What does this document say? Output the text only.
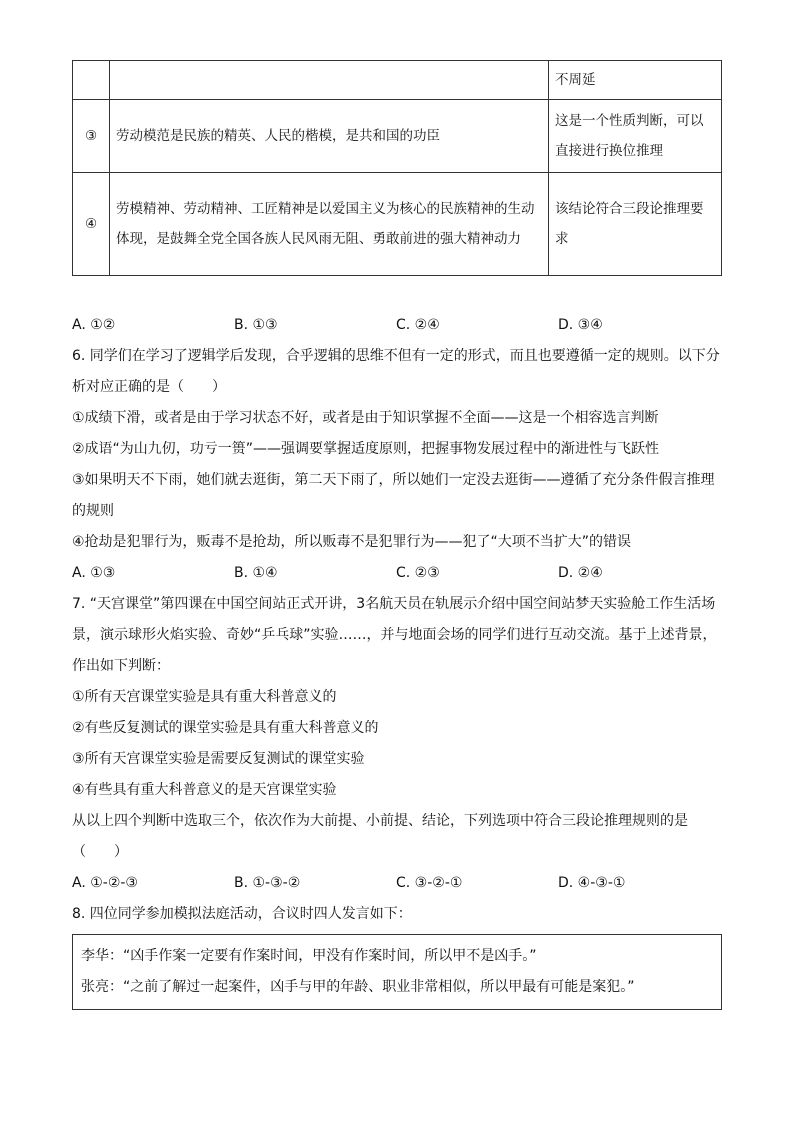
		不周延
③	劳动模范是民族的精英、人民的楷模，是共和国的功臣	这是一个性质判断，可以直接进行换位推理
④	劳模精神、劳动精神、工匠精神是以爱国主义为核心的民族精神的生动体现，是鼓舞全党全国各族人民风雨无阻、勇敢前进的强大精神动力	该结论符合三段论推理要求
A. ①②	B. ①③	C. ②④	D. ③④
6. 同学们在学习了逻辑学后发现，合乎逻辑的思维不但有一定的形式，而且也要遵循一定的规则。以下分
析对应正确的是（　　）
①成绩下滑，或者是由于学习状态不好，或者是由于知识掌握不全面——这是一个相容选言判断
②成语“为山九仞，功亏一篑”——强调要掌握适度原则，把握事物发展过程中的渐进性与飞跃性
③如果明天不下雨，她们就去逛街，第二天下雨了，所以她们一定没去逛街——遵循了充分条件假言推理
的规则
④抢劫是犯罪行为，贩毒不是抢劫，所以贩毒不是犯罪行为——犯了“大项不当扩大”的错误
A. ①③	B. ①④	C. ②③	D. ②④
7. “天宫课堂”第四课在中国空间站正式开讲，3名航天员在轨展示介绍中国空间站梦天实验舱工作生活场
景，演示球形火焰实验、奇妙“乒乓球”实验……，并与地面会场的同学们进行互动交流。基于上述背景，
作出如下判断：
①所有天宫课堂实验是具有重大科普意义的
②有些反复测试的课堂实验是具有重大科普意义的
③所有天宫课堂实验是需要反复测试的课堂实验
④有些具有重大科普意义的是天宫课堂实验
从以上四个判断中选取三个，依次作为大前提、小前提、结论，下列选项中符合三段论推理规则的是
（　　）
A. ①-②-③	B. ①-③-②	C. ③-②-①	D. ④-③-①
8. 四位同学参加模拟法庭活动，合议时四人发言如下：
李华：“凶手作案一定要有作案时间，甲没有作案时间，所以甲不是凶手。”
张亮：“之前了解过一起案件，凶手与甲的年龄、职业非常相似，所以甲最有可能是案犯。”
